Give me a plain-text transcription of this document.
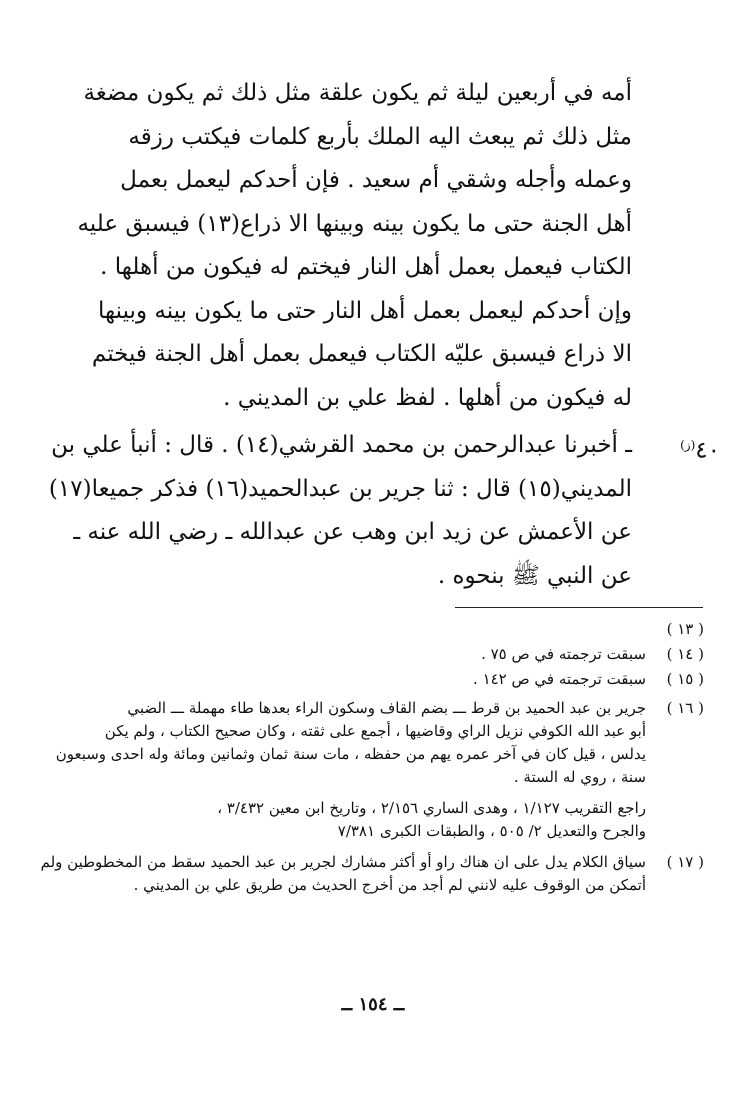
أمه في أربعين ليلة ثم يكون علقة مثل ذلك ثم يكون مضغة
مثل ذلك ثم يبعث اليه الملك بأربع كلمات فيكتب رزقه
وعمله وأجله وشقي أم سعيد . فإن أحدكم ليعمل بعمل
أهل الجنة حتى ما يكون بينه وبينها الا ذراع(١٣) فيسبق عليه
الكتاب فيعمل بعمل أهل النار فيختم له فيكون من أهلها .
وإن أحدكم ليعمل بعمل أهل النار حتى ما يكون بينه وبينها
الا ذراع فيسبق عليّه الكتاب فيعمل بعمل أهل الجنة فيختم
له فيكون من أهلها . لفظ علي بن المديني .
$٤٠^{(ز)}$
ـ أخبرنا عبدالرحمن بن محمد القرشي(١٤) . قال : أنبأ علي بن
المديني(١٥) قال : ثنا جرير بن عبدالحميد(١٦) فذكر جميعا(١٧)
عن الأعمش عن زيد ابن وهب عن عبدالله ـ رضي الله عنه ـ
عن النبي ﷺ بنحوه .
( ١٣ )

( ١٤ )
سبقت ترجمته في ص ٧٥ .
( ١٥ )
سبقت ترجمته في ص ١٤٢ .
( ١٦ )
جرير بن عبد الحميد بن قرط ـــ بضم القاف وسكون الراء بعدها طاء مهملة ـــ الضبي
أبو عبد الله الكوفي نزيل الراي وقاضيها ، أجمع على ثقته ، وكان صحيح الكتاب ، ولم يكن
يدلس ، قيل كان في آخر عمره يهم من حفظه ، مات سنة ثمان وثمانين ومائة وله احدى وسبعون
سنة ، روي له الستة .
راجع التقريب ١/١٢٧ ، وهدى الساري ٢/١٥٦ ، وتاريخ ابن معين ٣/٤٣٢ ،
والجرح والتعديل ٢/ ٥٠٥ ، والطبقات الكبرى ٧/٣٨١
( ١٧ )
سياق الكلام يدل على ان هناك راو أو أكثر مشارك لجرير بن عبد الحميد سقط من المخطوطين ولم
أتمكن من الوقوف عليه لانني لم أجد من أخرج الحديث من طريق علي بن المديني .
ــ ١٥٤ ــ
